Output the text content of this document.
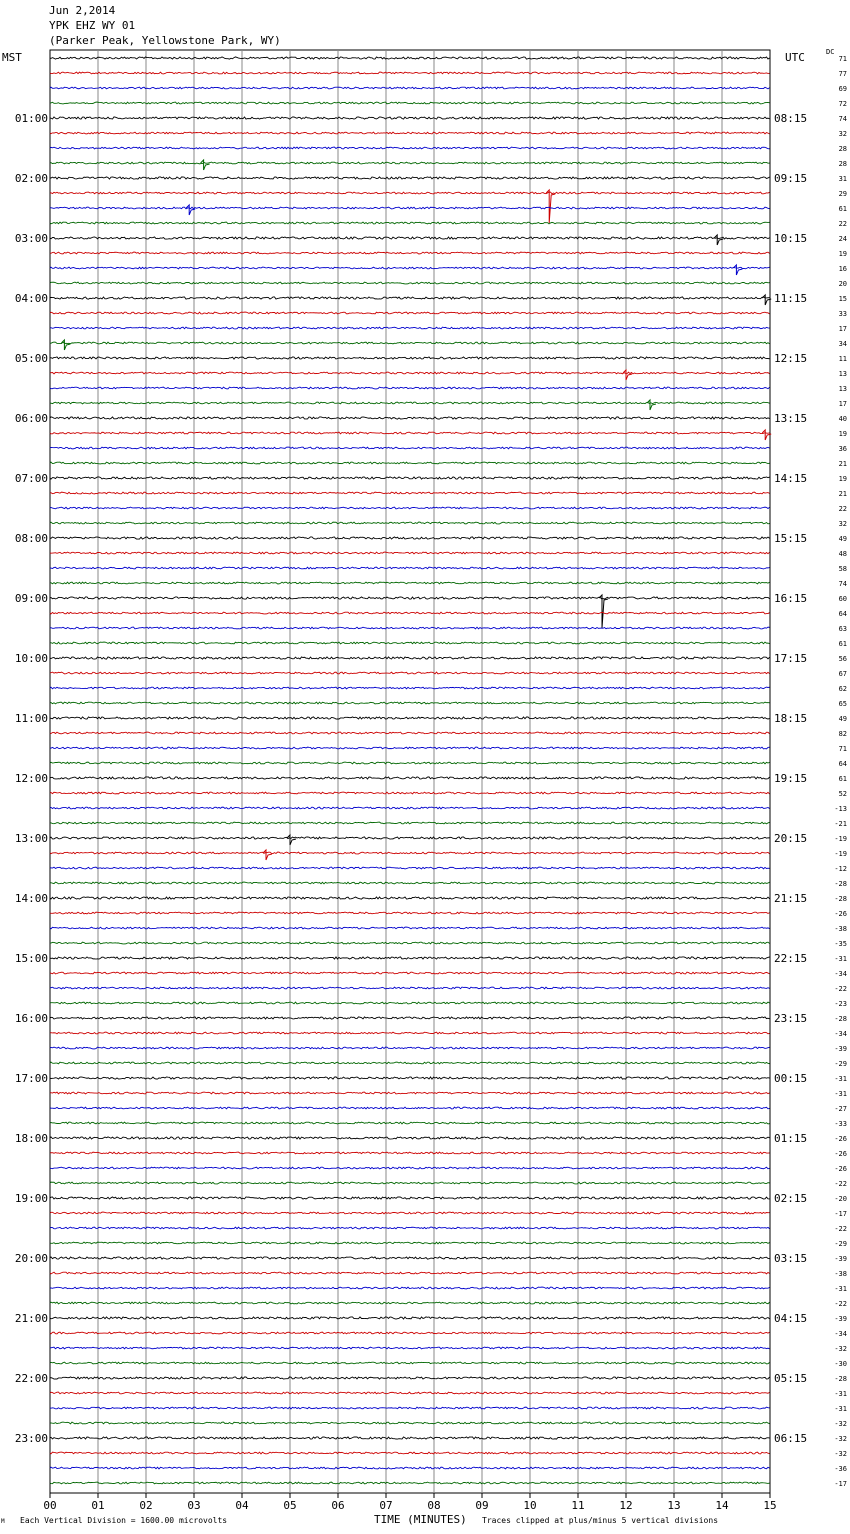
Jun 2,2014
YPK EHZ WY 01
(Parker Peak, Yellowstone Park, WY)
MST	UTC	DC
TIME (MINUTES)
Each Vertical Division = 1600.00 microvolts	Traces clipped at plus/minus 5 vertical divisions
M
00	01	02	03	04	05	06	07	08	09	10	11	12	13	14	15
71
77
69
72
74
32
28
28
31
29
61
22
24
19
16
20
15
33
17
34
11
13
13
17
40
19
36
21
19
21
22
32
49
48
58
74
60
64
63
61
56
67
62
65
49
82
71
64
61
52
-13
-21
-19
-19
-12
-28
-28
-26
-38
-35
-31
-34
-22
-23
-28
-34
-39
-29
-31
-31
-27
-33
-26
-26
-26
-22
-20
-17
-22
-29
-39
-38
-31
-22
-39
-34
-32
-30
-28
-31
-31
-32
-32
-32
-36
-17
01:00
02:00
03:00
04:00
05:00
06:00
07:00
08:00
09:00
10:00
11:00
12:00
13:00
14:00
15:00
16:00
17:00
18:00
19:00
20:00
21:00
22:00
23:00
08:15
09:15
10:15
11:15
12:15
13:15
14:15
15:15
16:15
17:15
18:15
19:15
20:15
21:15
22:15
23:15
00:15
01:15
02:15
03:15
04:15
05:15
06:15
